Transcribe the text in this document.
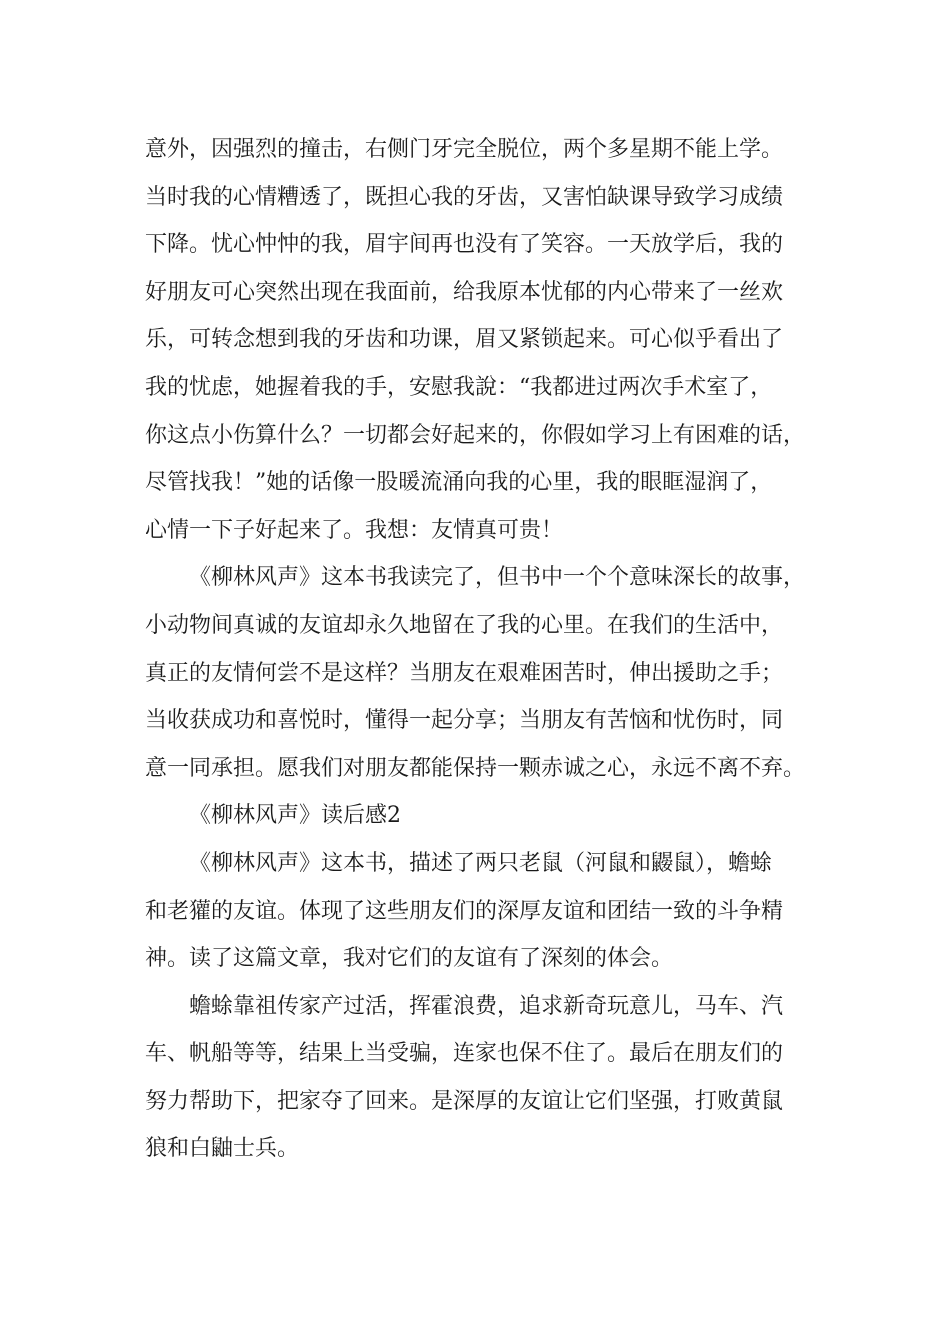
意外，因强烈的撞击，右侧门牙完全脱位，两个多星期不能上学。
当时我的心情糟透了，既担心我的牙齿，又害怕缺课导致学习成绩
下降。忧心忡忡的我，眉宇间再也没有了笑容。一天放学后，我的
好朋友可心突然出现在我面前，给我原本忧郁的内心带来了一丝欢
乐，可转念想到我的牙齿和功课，眉又紧锁起来。可心似乎看出了
我的忧虑，她握着我的手，安慰我說：“我都进过两次手术室了，
你这点小伤算什么？一切都会好起来的，你假如学习上有困难的话，
尽管找我！”她的话像一股暖流涌向我的心里，我的眼眶湿润了，
心情一下子好起来了。我想：友情真可贵！
《柳林风声》这本书我读完了，但书中一个个意味深长的故事，
小动物间真诚的友谊却永久地留在了我的心里。在我们的生活中，
真正的友情何尝不是这样？当朋友在艰难困苦时，伸出援助之手；
当收获成功和喜悦时，懂得一起分享；当朋友有苦恼和忧伤时，同
意一同承担。愿我们对朋友都能保持一颗赤诚之心，永远不离不弃。
《柳林风声》读后感2
《柳林风声》这本书，描述了两只老鼠（河鼠和鼹鼠），蟾蜍
和老獾的友谊。体现了这些朋友们的深厚友谊和团结一致的斗争精
神。读了这篇文章，我对它们的友谊有了深刻的体会。
蟾蜍靠祖传家产过活，挥霍浪费，追求新奇玩意儿，马车、汽
车、帆船等等，结果上当受骗，连家也保不住了。最后在朋友们的
努力帮助下，把家夺了回来。是深厚的友谊让它们坚强，打败黄鼠
狼和白鼬士兵。
